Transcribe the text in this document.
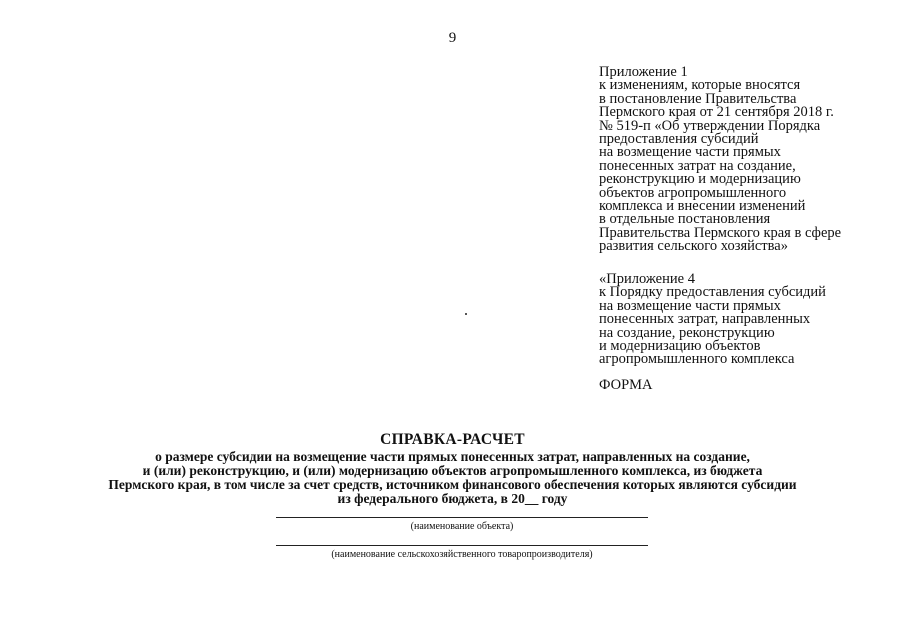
9
Приложение 1
к изменениям, которые вносятся
в постановление Правительства
Пермского края от 21 сентября 2018 г.
№ 519-п «Об утверждении Порядка
предоставления субсидий
на возмещение части прямых
понесенных затрат на создание,
реконструкцию и модернизацию
объектов агропромышленного
комплекса и внесении изменений
в отдельные постановления
Правительства Пермского края в сфере
развития сельского хозяйства»
«Приложение 4
к Порядку предоставления субсидий
на возмещение части прямых
понесенных затрат, направленных
на создание, реконструкцию
и модернизацию объектов
агропромышленного комплекса
ФОРМА
СПРАВКА-РАСЧЕТ
о размере субсидии на возмещение части прямых понесенных затрат, направленных на создание,
и (или) реконструкцию, и (или) модернизацию объектов агропромышленного комплекса, из бюджета
Пермского края, в том числе за счет средств, источником финансового обеспечения которых являются субсидии
из федерального бюджета, в 20__ году
(наименование объекта)
(наименование сельскохозяйственного товаропроизводителя)
